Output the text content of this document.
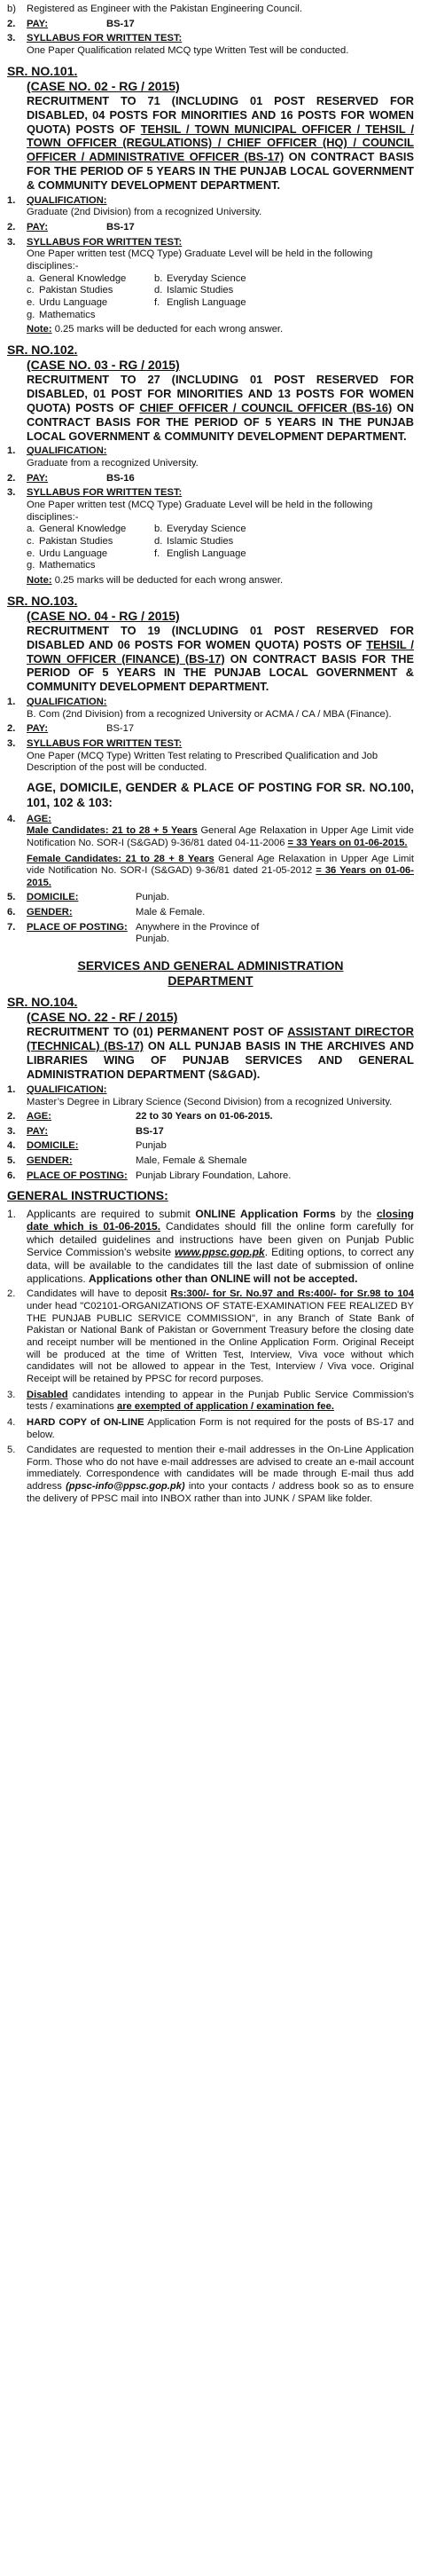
b)	Registered as Engineer with the Pakistan Engineering Council.
2.	PAY:	BS-17
3.	SYLLABUS FOR WRITTEN TEST:
One Paper Qualification related MCQ type Written Test will be conducted.
SR. NO.101.
(CASE NO. 02 - RG / 2015)
RECRUITMENT TO 71 (INCLUDING 01 POST RESERVED FOR DISABLED, 04 POSTS FOR MINORITIES AND 16 POSTS FOR WOMEN QUOTA) POSTS OF TEHSIL / TOWN MUNICIPAL OFFICER / TEHSIL / TOWN OFFICER (REGULATIONS) / CHIEF OFFICER (HQ) / COUNCIL OFFICER / ADMINISTRATIVE OFFICER (BS-17) ON CONTRACT BASIS FOR THE PERIOD OF 5 YEARS IN THE PUNJAB LOCAL GOVERNMENT & COMMUNITY DEVELOPMENT DEPARTMENT.
1.	QUALIFICATION:
Graduate (2nd Division) from a recognized University.
2.	PAY:	BS-17
3.	SYLLABUS FOR WRITTEN TEST:
One Paper written test (MCQ Type) Graduate Level will be held in the following disciplines:-
a. General Knowledge	b. Everyday Science
c. Pakistan Studies	d. Islamic Studies
e. Urdu Language	f. English Language
g. Mathematics
Note: 0.25 marks will be deducted for each wrong answer.
SR. NO.102.
(CASE NO. 03 - RG / 2015)
RECRUITMENT TO 27 (INCLUDING 01 POST RESERVED FOR DISABLED, 01 POST FOR MINORITIES AND 13 POSTS FOR WOMEN QUOTA) POSTS OF CHIEF OFFICER / COUNCIL OFFICER (BS-16) ON CONTRACT BASIS FOR THE PERIOD OF 5 YEARS IN THE PUNJAB LOCAL GOVERNMENT & COMMUNITY DEVELOPMENT DEPARTMENT.
1.	QUALIFICATION:
Graduate from a recognized University.
2.	PAY:	BS-16
3.	SYLLABUS FOR WRITTEN TEST:
One Paper written test (MCQ Type) Graduate Level will be held in the following disciplines:-
a. General Knowledge	b. Everyday Science
c. Pakistan Studies	d. Islamic Studies
e. Urdu Language	f. English Language
g. Mathematics
Note: 0.25 marks will be deducted for each wrong answer.
SR. NO.103.
(CASE NO. 04 - RG / 2015)
RECRUITMENT TO 19 (INCLUDING 01 POST RESERVED FOR DISABLED AND 06 POSTS FOR WOMEN QUOTA) POSTS OF TEHSIL / TOWN OFFICER (FINANCE) (BS-17) ON CONTRACT BASIS FOR THE PERIOD OF 5 YEARS IN THE PUNJAB LOCAL GOVERNMENT & COMMUNITY DEVELOPMENT DEPARTMENT.
1.	QUALIFICATION:
B. Com (2nd Division) from a recognized University or ACMA / CA / MBA (Finance).
2.	PAY:	BS-17
3.	SYLLABUS FOR WRITTEN TEST:
One Paper (MCQ Type) Written Test relating to Prescribed Qualification and Job Description of the post will be conducted.
AGE, DOMICILE, GENDER & PLACE OF POSTING FOR SR. NO.100, 101, 102 & 103:
4.	AGE:
Male Candidates: 21 to 28 + 5 Years General Age Relaxation in Upper Age Limit vide Notification No. SOR-I (S&GAD) 9-36/81 dated 04-11-2006 = 33 Years on 01-06-2015.
Female Candidates: 21 to 28 + 8 Years General Age Relaxation in Upper Age Limit vide Notification No. SOR-I (S&GAD) 9-36/81 dated 21-05-2012 = 36 Years on 01-06-2015.
5.	DOMICILE:	Punjab.
6.	GENDER:	Male & Female.
7.	PLACE OF POSTING: Anywhere in the Province of Punjab.
SERVICES AND GENERAL ADMINISTRATION DEPARTMENT
SR. NO.104.
(CASE NO. 22 - RF / 2015)
RECRUITMENT TO (01) PERMANENT POST OF ASSISTANT DIRECTOR (TECHNICAL) (BS-17) ON ALL PUNJAB BASIS IN THE ARCHIVES AND LIBRARIES WING OF PUNJAB SERVICES AND GENERAL ADMINISTRATION DEPARTMENT (S&GAD).
1.	QUALIFICATION:
Master’s Degree in Library Science (Second Division) from a recognized University.
2.	AGE:	22 to 30 Years on 01-06-2015.
3.	PAY:	BS-17
4.	DOMICILE:	Punjab
5.	GENDER:	Male, Female & Shemale
6.	PLACE OF POSTING: Punjab Library Foundation, Lahore.
GENERAL INSTRUCTIONS:
1. Applicants are required to submit ONLINE Application Forms by the closing date which is 01-06-2015. Candidates should fill the online form carefully for which detailed guidelines and instructions have been given on Punjab Public Service Commission's website www.ppsc.gop.pk. Editing options, to correct any data, will be available to the candidates till the last date of submission of online applications. Applications other than ONLINE will not be accepted.
2.	Candidates will have to deposit Rs:300/- for Sr. No.97 and Rs:400/- for Sr.98 to 104 under head "C02101-ORGANIZATIONS OF STATE-EXAMINATION FEE REALIZED BY THE PUNJAB PUBLIC SERVICE COMMISSION", in any Branch of State Bank of Pakistan or National Bank of Pakistan or Government Treasury before the closing date and receipt number will be mentioned in the Online Application Form. Original Receipt will be produced at the time of Written Test, Interview, Viva voce without which candidates will not be allowed to appear in the Test, Interview / Viva voce. Original Receipt will be retained by PPSC for record purposes.
3.	Disabled candidates intending to appear in the Punjab Public Service Commission's tests / examinations are exempted of application / examination fee.
4.	HARD COPY of ON-LINE Application Form is not required for the posts of BS-17 and below.
5.	Candidates are requested to mention their e-mail addresses in the On-Line Application Form. Those who do not have e-mail addresses are advised to create an e-mail account immediately. Correspondence with candidates will be made through E-mail thus add address (ppsc-info@ppsc.gop.pk) into your contacts / address book so as to ensure the delivery of PPSC mail into INBOX rather than into JUNK / SPAM like folder.
